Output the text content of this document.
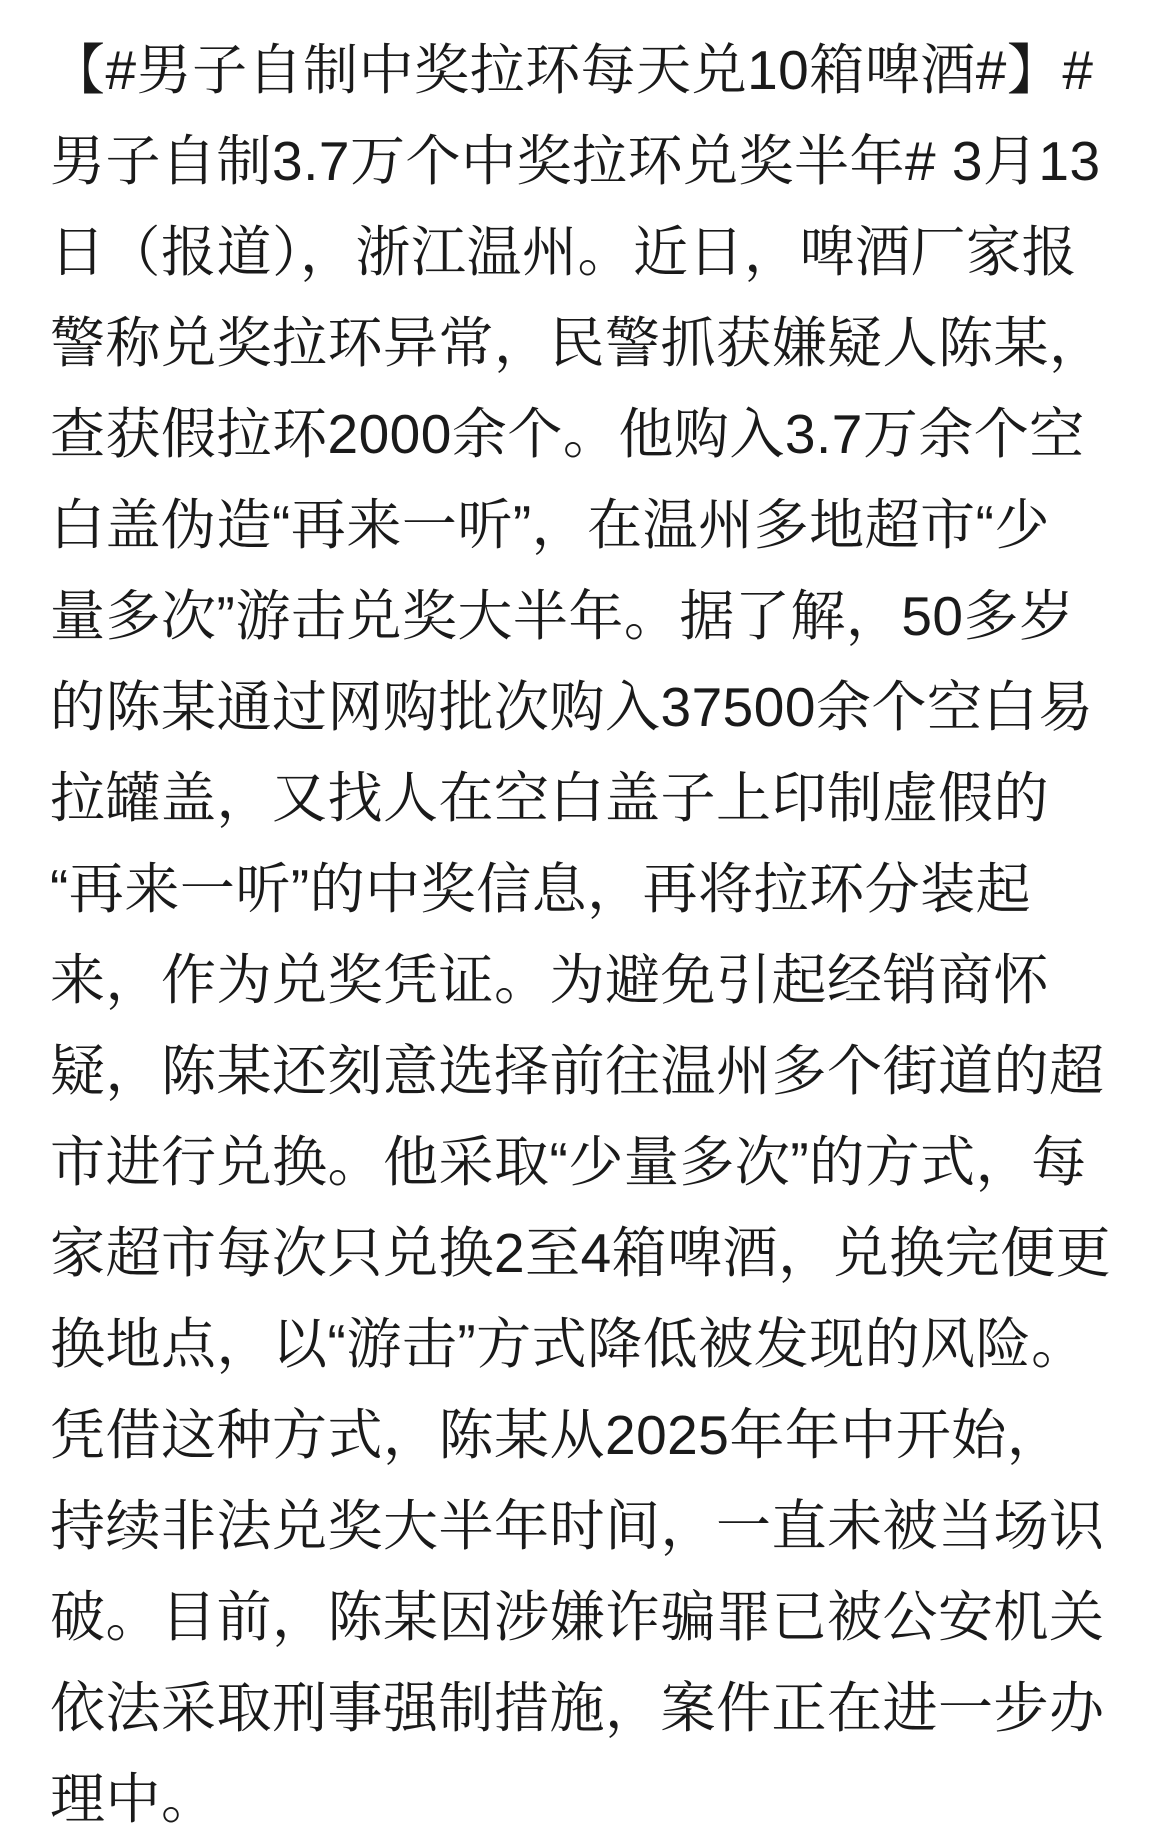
【#男子自制中奖拉环每天兑10箱啤酒#】#
男子自制3.7万个中奖拉环兑奖半年# 3月13
日（报道），浙江温州。近日，啤酒厂家报
警称兑奖拉环异常，民警抓获嫌疑人陈某，
查获假拉环2000余个。他购入3.7万余个空
白盖伪造“再来一听”，在温州多地超市“少
量多次”游击兑奖大半年。据了解，50多岁
的陈某通过网购批次购入37500余个空白易
拉罐盖，又找人在空白盖子上印制虚假的
“再来一听”的中奖信息，再将拉环分装起
来，作为兑奖凭证。为避免引起经销商怀
疑，陈某还刻意选择前往温州多个街道的超
市进行兑换。他采取“少量多次”的方式，每
家超市每次只兑换2至4箱啤酒，兑换完便更
换地点，以“游击”方式降低被发现的风险。
凭借这种方式，陈某从2025年年中开始，
持续非法兑奖大半年时间，一直未被当场识
破。目前，陈某因涉嫌诈骗罪已被公安机关
依法采取刑事强制措施，案件正在进一步办
理中。
